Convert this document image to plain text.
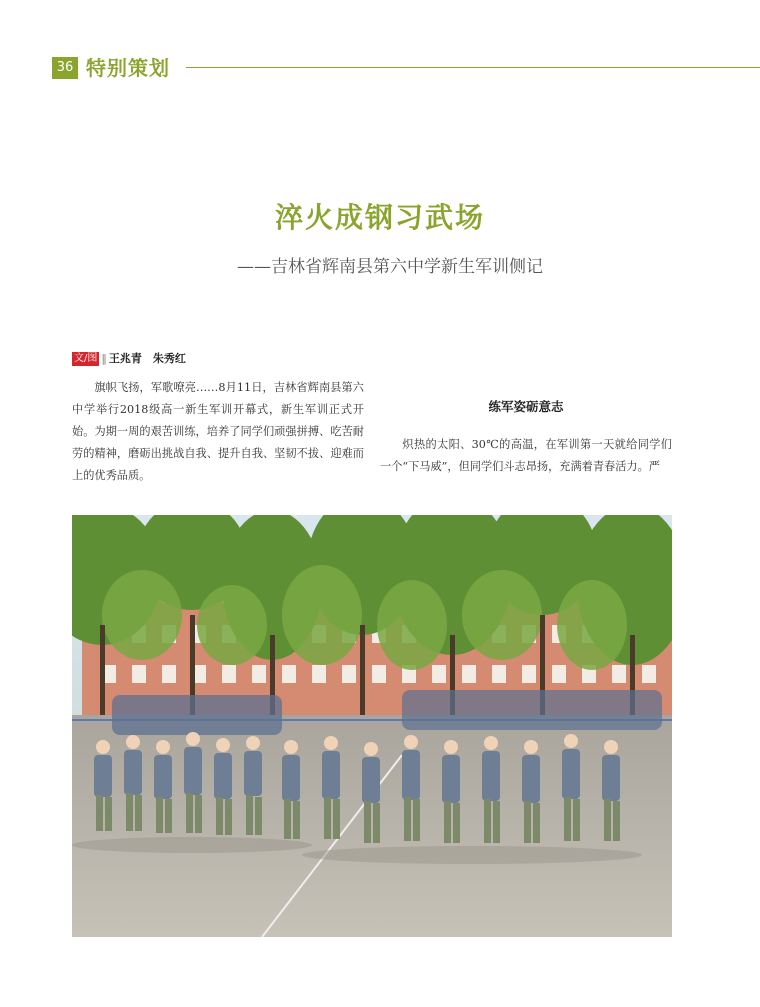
36 特别策划
淬火成钢习武场
——吉林省辉南县第六中学新生军训侧记
文/图 ‖ 王兆青　朱秀红

旗帜飞扬，军歌嘹亮……8月11日，吉林省辉南县第六中学举行2018级高一新生军训开幕式，新生军训正式开始。为期一周的艰苦训练，培养了同学们顽强拼搏、吃苦耐劳的精神，磨砺出挑战自我、提升自我、坚韧不拔、迎难而上的优秀品质。

练军姿砺意志

炽热的太阳、30℃的高温，在军训第一天就给同学们一个“下马威”，但同学们斗志昂扬，充满着青春活力。严
